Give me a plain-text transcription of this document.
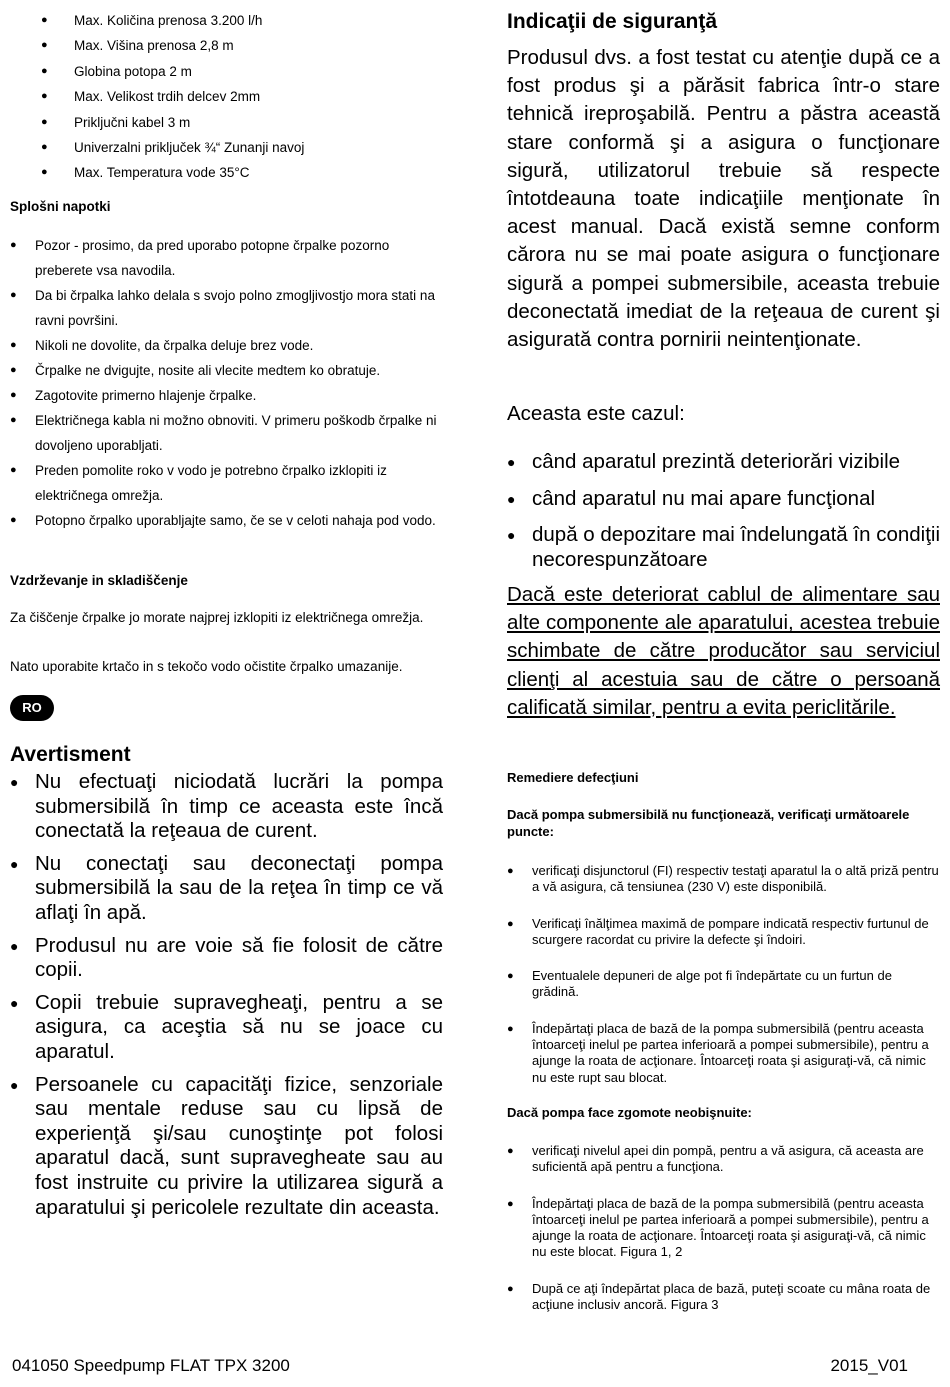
● Max. Količina prenosa 3.200 l/h
● Max. Višina prenosa 2,8 m
● Globina potopa 2 m
● Max. Velikost trdih delcev 2mm
● Priključni kabel 3 m
● Univerzalni priključek ¾“ Zunanji navoj
● Max. Temperatura vode 35°C
Splošni napotki
● Pozor - prosimo, da pred uporabo potopne črpalke pozorno preberete vsa navodila.
● Da bi črpalka lahko delala s svojo polno zmogljivostjo mora stati na ravni površini.
● Nikoli ne dovolite, da črpalka deluje brez vode.
● Črpalke ne dvigujte, nosite ali vlecite medtem ko obratuje.
● Zagotovite primerno hlajenje črpalke.
● Električnega kabla ni možno obnoviti. V primeru poškodb črpalke ni dovoljeno uporabljati.
● Preden pomolite roko v vodo je potrebno črpalko izklopiti iz električnega omrežja.
● Potopno črpalko uporabljajte samo, če se v celoti nahaja pod vodo.
Vzdrževanje in skladiščenje
Za čiščenje črpalke jo morate najprej izklopiti iz električnega omrežja.
Nato uporabite krtačo in s tekočo vodo očistite črpalko umazanije.
RO
Avertisment
● Nu efectuaţi niciodată lucrări la pompa submersibilă în timp ce aceasta este încă conectată la reţeaua de curent.
● Nu conectaţi sau deconectaţi pompa submersibilă la sau de la reţea în timp ce vă aflaţi în apă.
● Produsul nu are voie să fie folosit de către copii.
● Copii trebuie supravegheaţi, pentru a se asigura, ca aceştia să nu se joace cu aparatul.
● Persoanele cu capacităţi fizice, senzoriale sau mentale reduse sau cu lipsă de experienţă şi/sau cunoştinţe pot folosi aparatul dacă, sunt supravegheate sau au fost instruite cu privire la utilizarea sigură a aparatului şi pericolele rezultate din aceasta.
Indicaţii de siguranţă
Produsul dvs. a fost testat cu atenţie după ce a fost produs şi a părăsit fabrica într-o stare tehnică ireproşabilă. Pentru a păstra această stare conformă şi a asigura o funcţionare sigură, utilizatorul trebuie să respecte întotdeauna toate indicaţiile menţionate în acest manual. Dacă există semne conform cărora nu se mai poate asigura o funcţionare sigură a pompei submersibile, aceasta trebuie deconectată imediat de la reţeaua de curent şi asigurată contra pornirii neintenţionate.
Aceasta este cazul:
● când aparatul prezintă deteriorări vizibile
● când aparatul nu mai apare funcţional
● după o depozitare mai îndelungată în condiţii necorespunzătoare
Dacă este deteriorat cablul de alimentare sau alte componente ale aparatului, acestea trebuie schimbate de către producător sau serviciul clienţi al acestuia sau de către o persoană calificată similar, pentru a evita periclitările.
Remediere defecţiuni
Dacă pompa submersibilă nu funcţionează, verificaţi următoarele puncte:
● verificaţi disjunctorul (FI) respectiv testaţi aparatul la o altă priză pentru a vă asigura, că tensiunea (230 V) este disponibilă.
● Verificaţi înălţimea maximă de pompare indicată respectiv furtunul de scurgere racordat cu privire la defecte şi îndoiri.
● Eventualele depuneri de alge pot fi îndepărtate cu un furtun de grădină.
● Îndepărtaţi placa de bază de la pompa submersibilă (pentru aceasta întoarceţi inelul pe partea inferioară a pompei submersibile), pentru a ajunge la roata de acţionare. Întoarceţi roata şi asiguraţi-vă, că nimic nu este rupt sau blocat.
Dacă pompa face zgomote neobişnuite:
● verificaţi nivelul apei din pompă, pentru a vă asigura, că aceasta are suficientă apă pentru a funcţiona.
● Îndepărtaţi placa de bază de la pompa submersibilă (pentru aceasta întoarceţi inelul pe partea inferioară a pompei submersibile), pentru a ajunge la roata de acţionare. Întoarceţi roata şi asiguraţi-vă, că nimic nu este blocat. Figura 1, 2
● După ce aţi îndepărtat placa de bază, puteţi scoate cu mâna roata de acţiune inclusiv ancoră. Figura 3
041050 Speedpump FLAT TPX 3200	2015_V01
